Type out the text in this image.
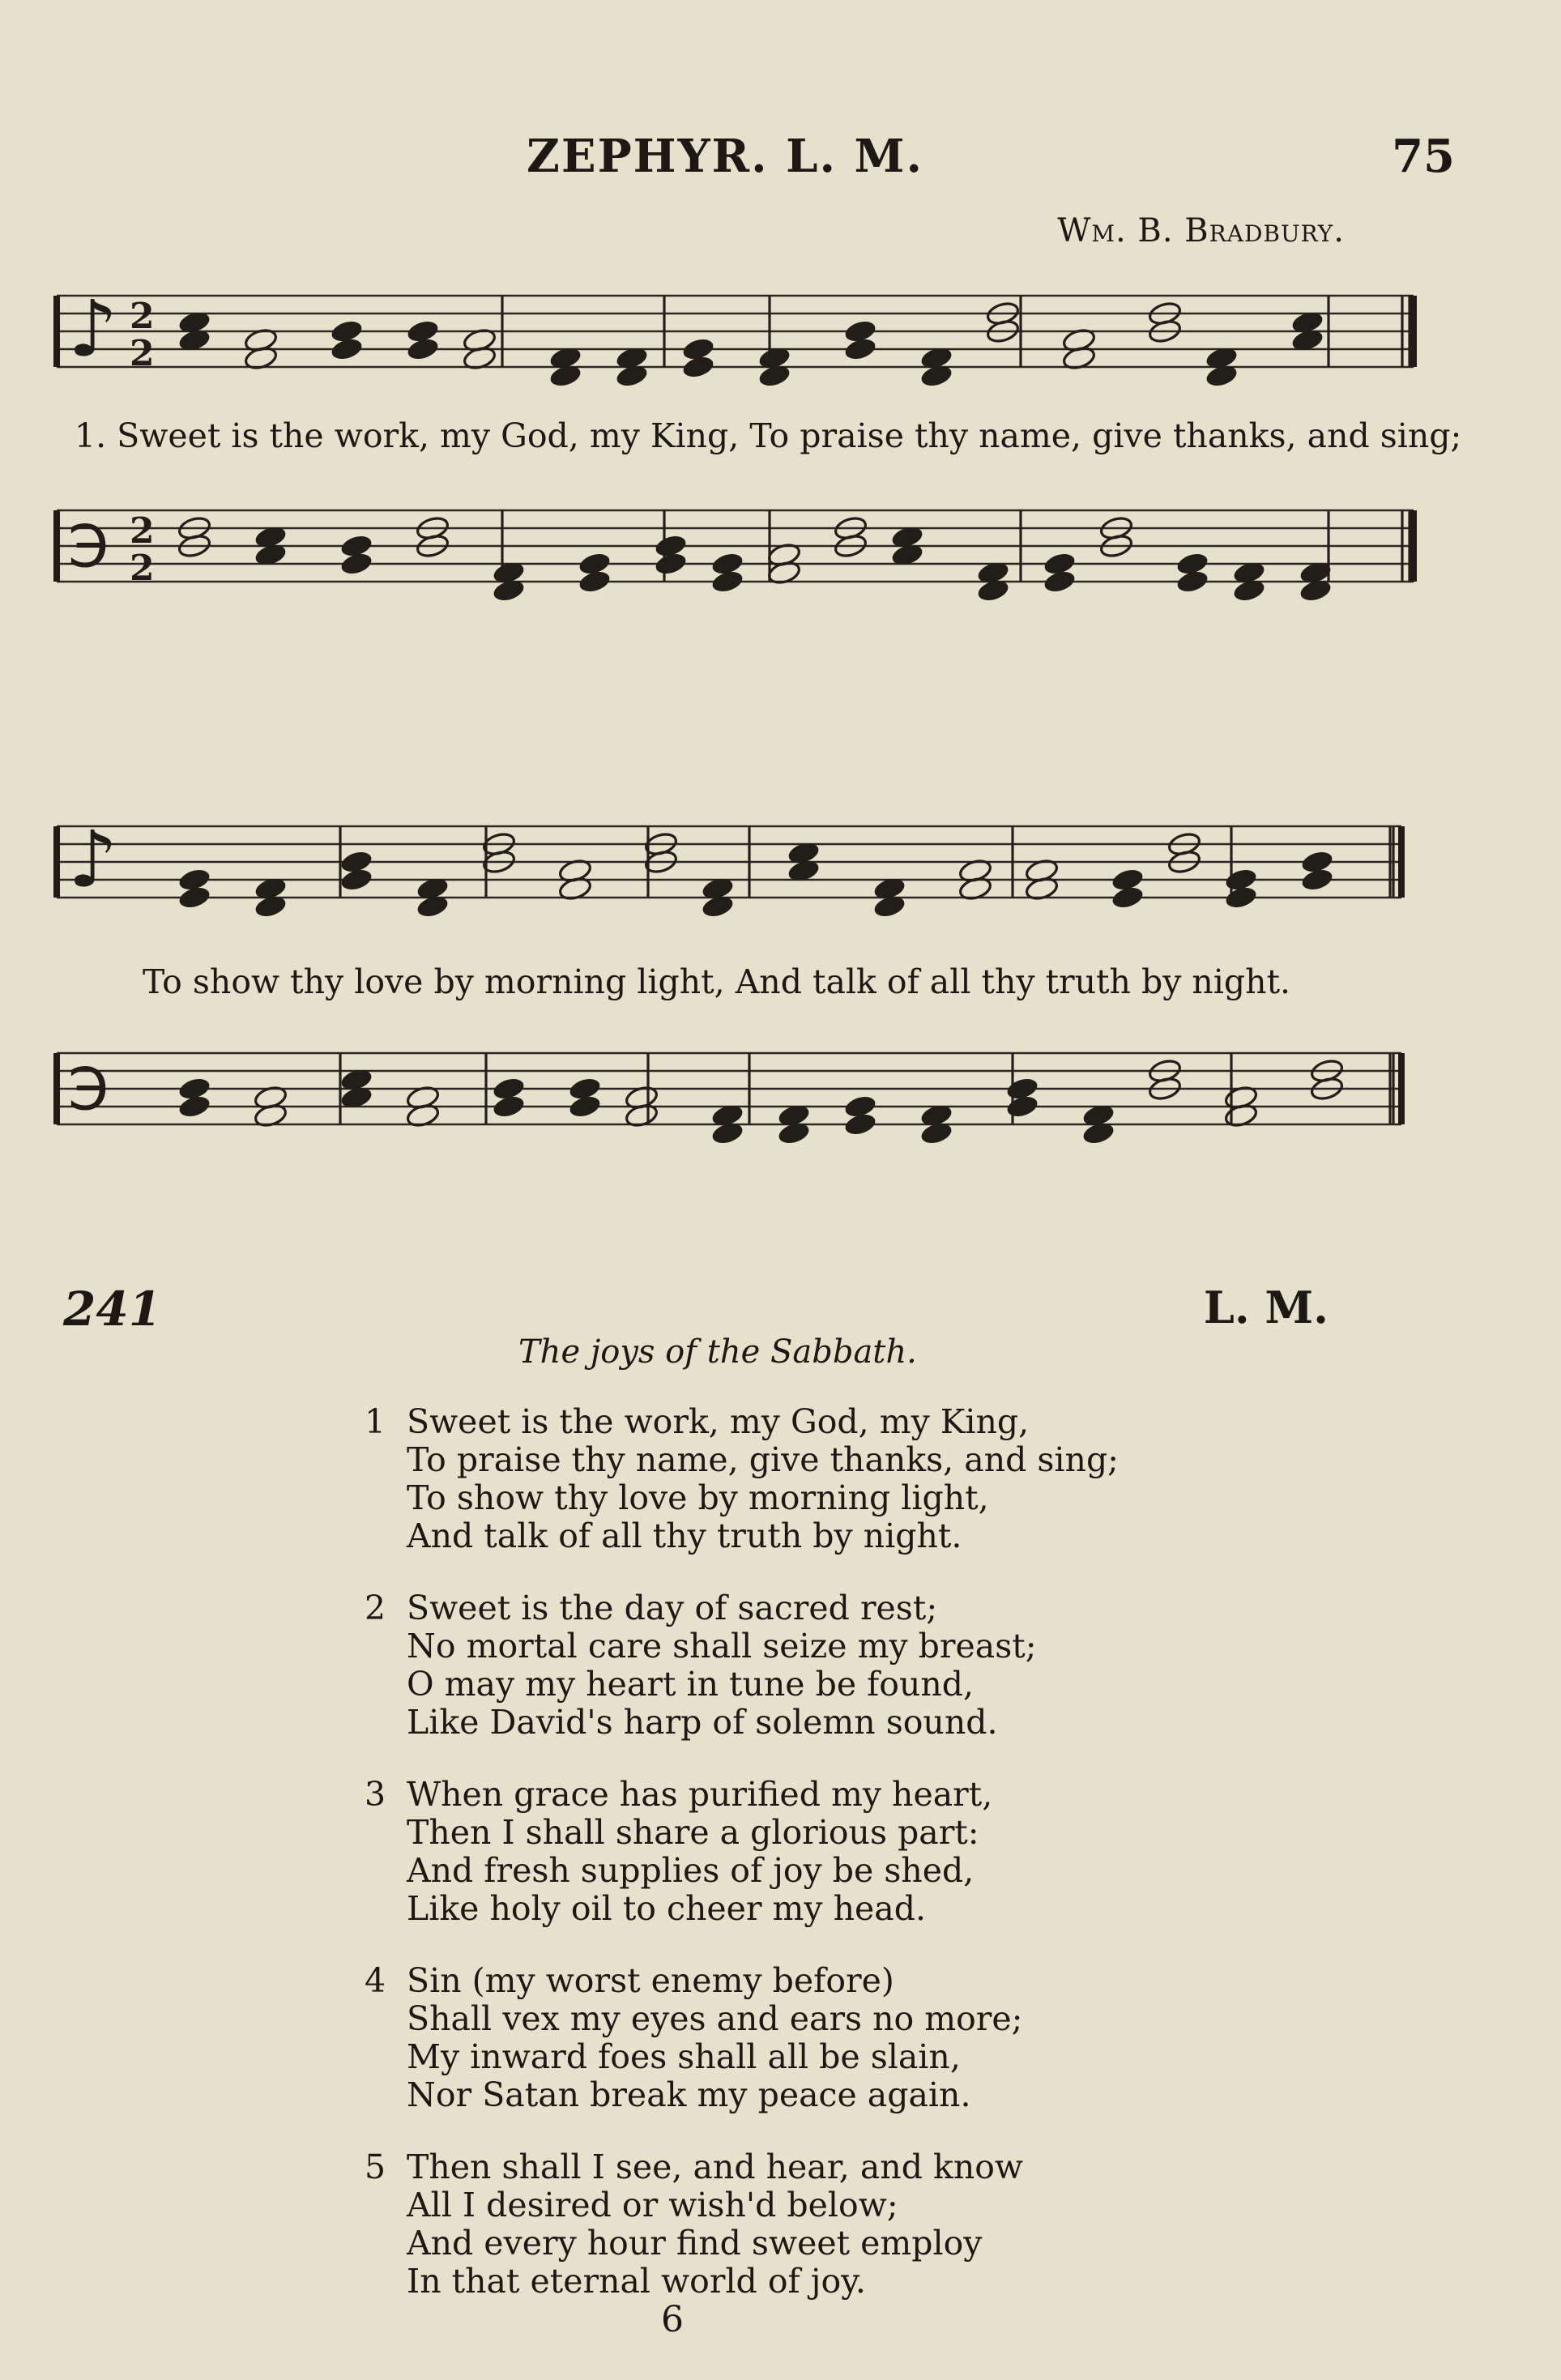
ZEPHYR. L. M.	75
Wm. B. Bradbury.
♪ 2
2
℈ 2
2
1. Sweet is the work, my God, my King, To praise thy name, give thanks, and sing;
♪
℈
To show thy love by morning light, And talk of all thy truth by night.
241	L. M.
The joys of the Sabbath.
1 Sweet is the work, my God, my King,
To praise thy name, give thanks, and sing;
To show thy love by morning light,
And talk of all thy truth by night.
2 Sweet is the day of sacred rest;
No mortal care shall seize my breast;
O may my heart in tune be found,
Like David's harp of solemn sound.
3 When grace has purified my heart,
Then I shall share a glorious part:
And fresh supplies of joy be shed,
Like holy oil to cheer my head.
4 Sin (my worst enemy before)
Shall vex my eyes and ears no more;
My inward foes shall all be slain,
Nor Satan break my peace again.
5 Then shall I see, and hear, and know
All I desired or wish'd below;
And every hour find sweet employ
In that eternal world of joy.
6
